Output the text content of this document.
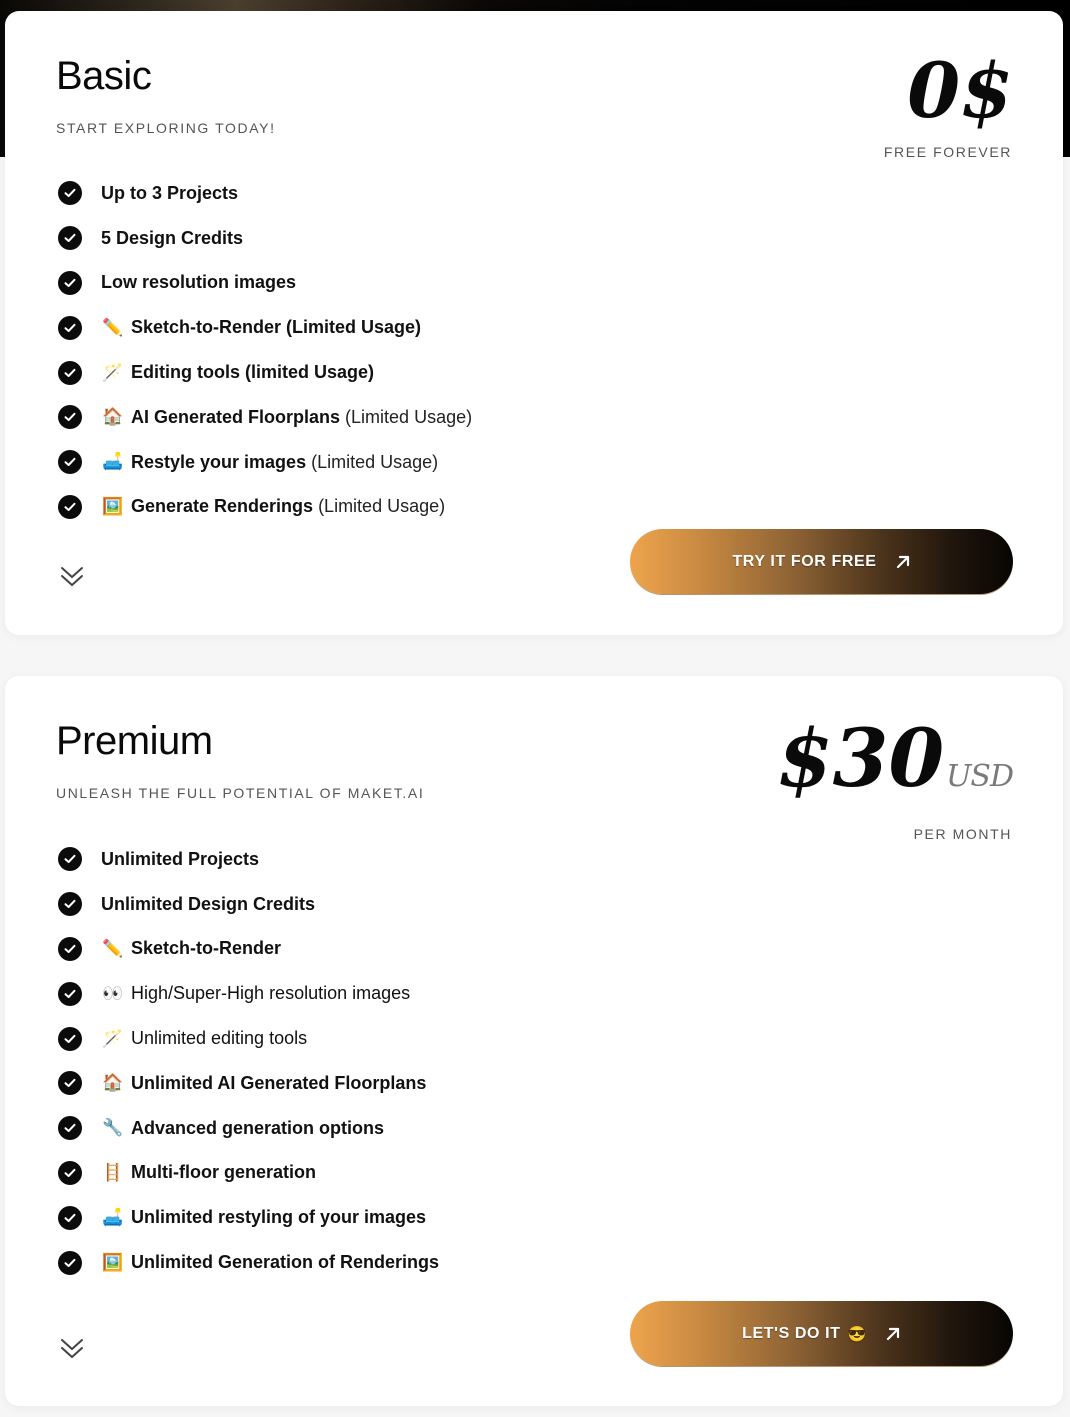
Basic
START EXPLORING TODAY!	0$
FREE FOREVER
Up to 3 Projects
5 Design Credits
Low resolution images
✏️ Sketch-to-Render (Limited Usage)
🪄 Editing tools (limited Usage)
🏠 AI Generated Floorplans (Limited Usage)
🛋️ Restyle your images (Limited Usage)
🖼️ Generate Renderings (Limited Usage)
TRY IT FOR FREE
Premium
UNLEASH THE FULL POTENTIAL OF MAKET.AI	$30USD
PER MONTH
Unlimited Projects
Unlimited Design Credits
✏️ Sketch-to-Render
👀 High/Super-High resolution images
🪄 Unlimited editing tools
🏠 Unlimited AI Generated Floorplans
🔧 Advanced generation options
🪜 Multi-floor generation
🛋️ Unlimited restyling of your images
🖼️ Unlimited Generation of Renderings
LET'S DO IT 😎
